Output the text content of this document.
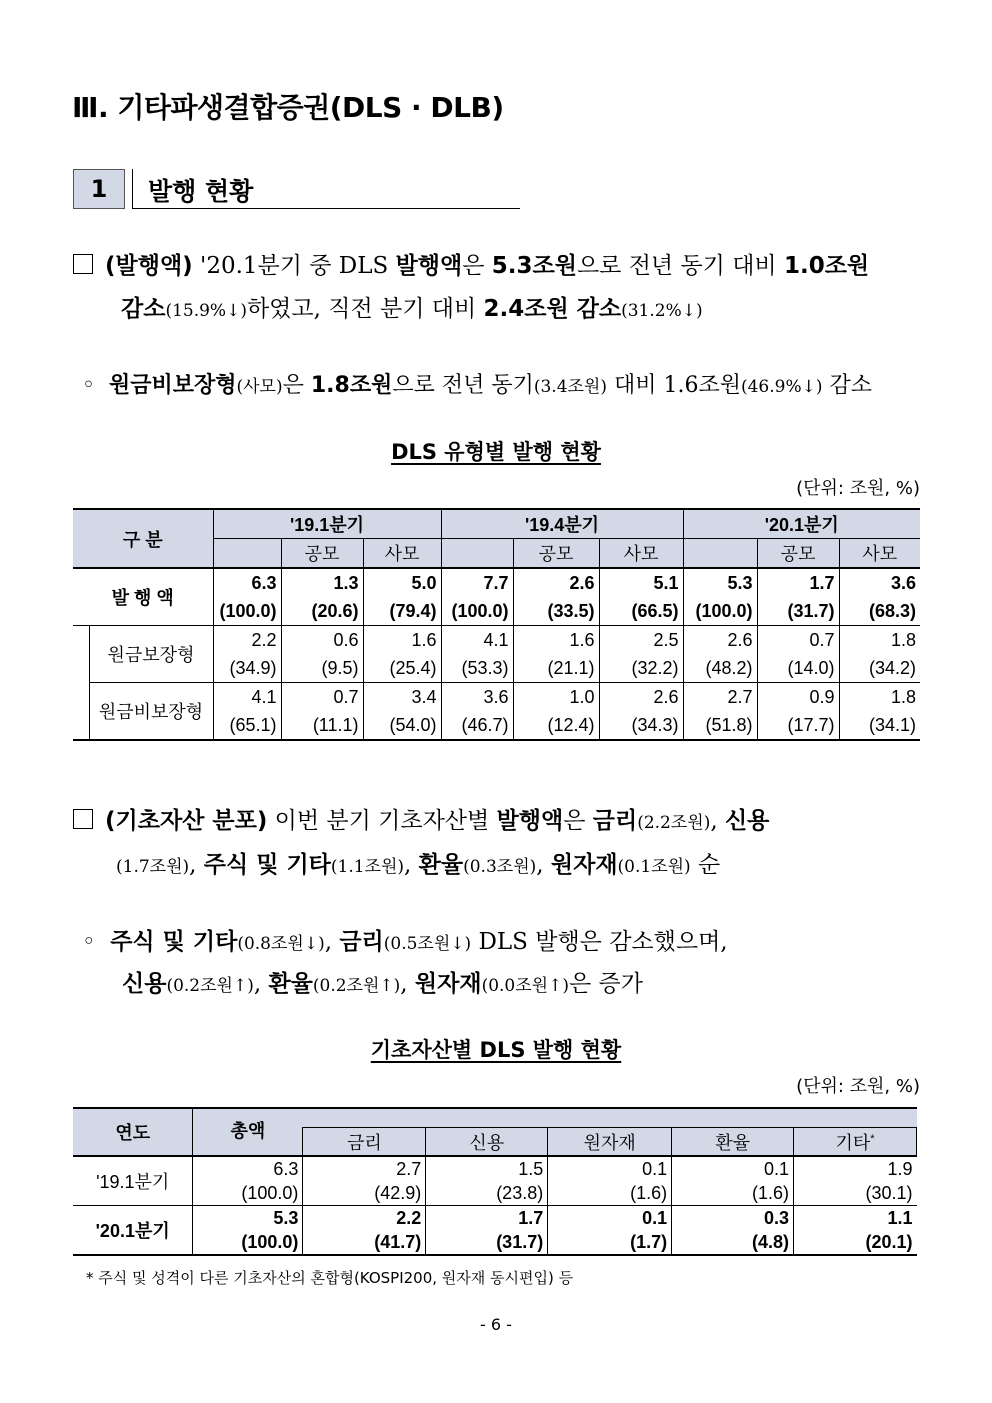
Ⅲ. 기타파생결합증권(DLS · DLB)
1	발행 현황
(발행액) '20.1분기 중 DLS 발행액은 5.3조원으로 전년 동기 대비 1.0조원
감소(15.9%↓)하였고, 직전 분기 대비 2.4조원 감소(31.2%↓)
◦ 원금비보장형(사모)은 1.8조원으로 전년 동기(3.4조원) 대비 1.6조원(46.9%↓) 감소
DLS 유형별 발행 현황
(단위: 조원, %)
구 분		'19.1분기			'19.4분기			'20.1분기		
			공모	사모		공모	사모		공모	사모
발 행 액		6.3	1.3	5.0	7.7	2.6	5.1	5.3	1.7	3.6
		(100.0)	(20.6)	(79.4)	(100.0)	(33.5)	(66.5)	(100.0)	(31.7)	(68.3)
	원금보장형	2.2	0.6	1.6	4.1	1.6	2.5	2.6	0.7	1.8
		(34.9)	(9.5)	(25.4)	(53.3)	(21.1)	(32.2)	(48.2)	(14.0)	(34.2)
	원금비보장형	4.1	0.7	3.4	3.6	1.0	2.6	2.7	0.9	1.8
		(65.1)	(11.1)	(54.0)	(46.7)	(12.4)	(34.3)	(51.8)	(17.7)	(34.1)
(기초자산 분포) 이번 분기 기초자산별 발행액은 금리(2.2조원), 신용
(1.7조원), 주식 및 기타(1.1조원), 환율(0.3조원), 원자재(0.1조원) 순
◦ 주식 및 기타(0.8조원↓), 금리(0.5조원↓) DLS 발행은 감소했으며,
신용(0.2조원↑), 환율(0.2조원↑), 원자재(0.0조원↑)은 증가
기초자산별 DLS 발행 현황
(단위: 조원, %)
연도	총액					
		금리	신용	원자재	환율	기타*
'19.1분기	6.3	2.7	1.5	0.1	0.1	1.9
	(100.0)	(42.9)	(23.8)	(1.6)	(1.6)	(30.1)
'20.1분기	5.3	2.2	1.7	0.1	0.3	1.1
	(100.0)	(41.7)	(31.7)	(1.7)	(4.8)	(20.1)
* 주식 및 성격이 다른 기초자산의 혼합형(KOSPI200, 원자재 동시편입) 등
- 6 -
